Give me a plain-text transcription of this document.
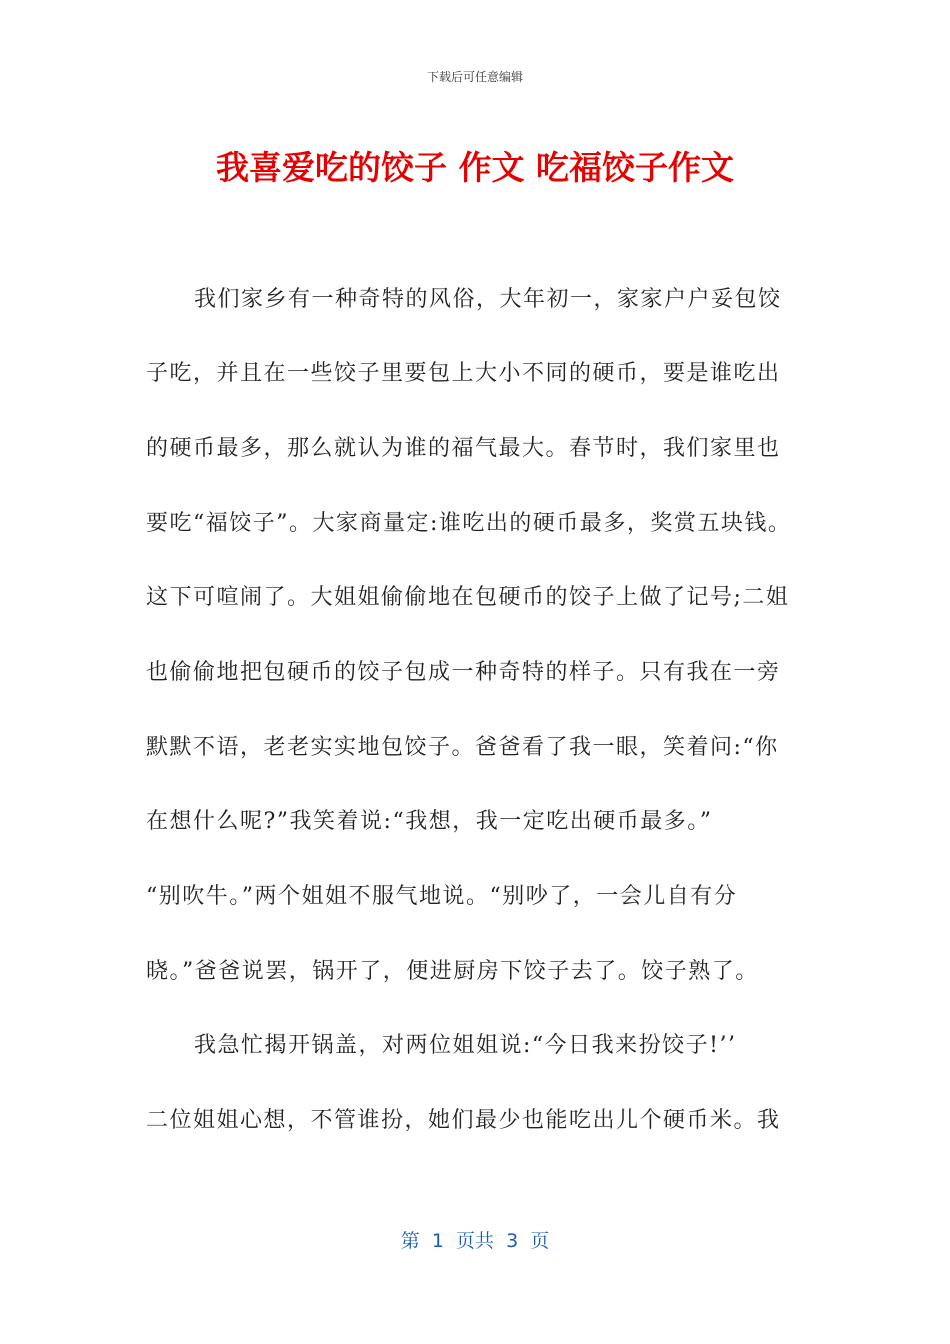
下载后可任意编辑
我喜爱吃的饺子 作文 吃福饺子作文
我们家乡有一种奇特的风俗，大年初一，家家户户妥包饺
子吃，并且在一些饺子里要包上大小不同的硬币，要是谁吃出
的硬币最多，那么就认为谁的福气最大。春节时，我们家里也
要吃“福饺子”。大家商量定:谁吃出的硬币最多，奖赏五块钱。
这下可喧闹了。大姐姐偷偷地在包硬币的饺子上做了记号;二姐
也偷偷地把包硬币的饺子包成一种奇特的样子。只有我在一旁
默默不语，老老实实地包饺子。爸爸看了我一眼，笑着问:“你
在想什么呢?”我笑着说:“我想，我一定吃出硬币最多。”
“别吹牛。”两个姐姐不服气地说。“别吵了，一会儿自有分
晓。”爸爸说罢，锅开了，便进厨房下饺子去了。饺子熟了。
我急忙揭开锅盖，对两位姐姐说:“今日我来扮饺子!’’
二位姐姐心想，不管谁扮，她们最少也能吃出儿个硬币米。我
第  1  页共  3  页
